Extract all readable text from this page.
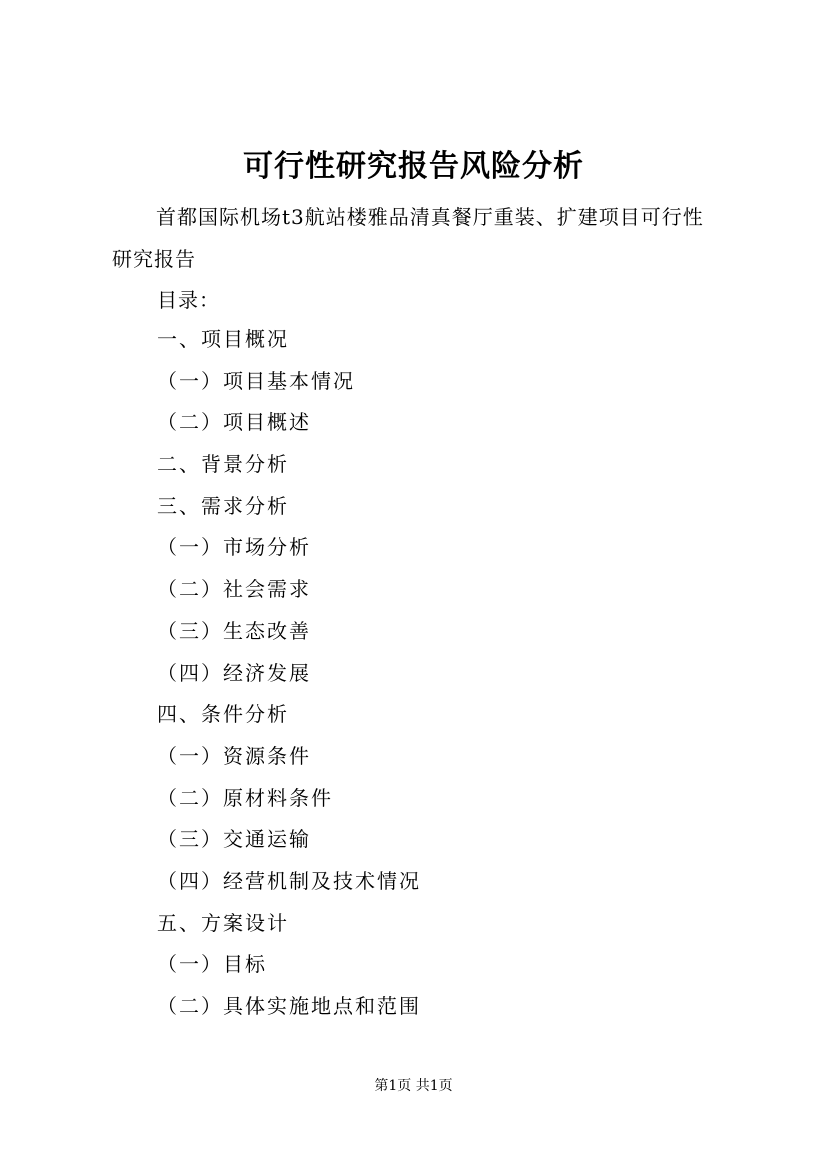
可行性研究报告风险分析

首都国际机场t3航站楼雅品清真餐厅重装、扩建项目可行性研究报告

目录：
一、项目概况
（一）项目基本情况
（二）项目概述
二、背景分析
三、需求分析
（一）市场分析
（二）社会需求
（三）生态改善
（四）经济发展
四、条件分析
（一）资源条件
（二）原材料条件
（三）交通运输
（四）经营机制及技术情况
五、方案设计
（一）目标
（二）具体实施地点和范围
第1页 共1页
